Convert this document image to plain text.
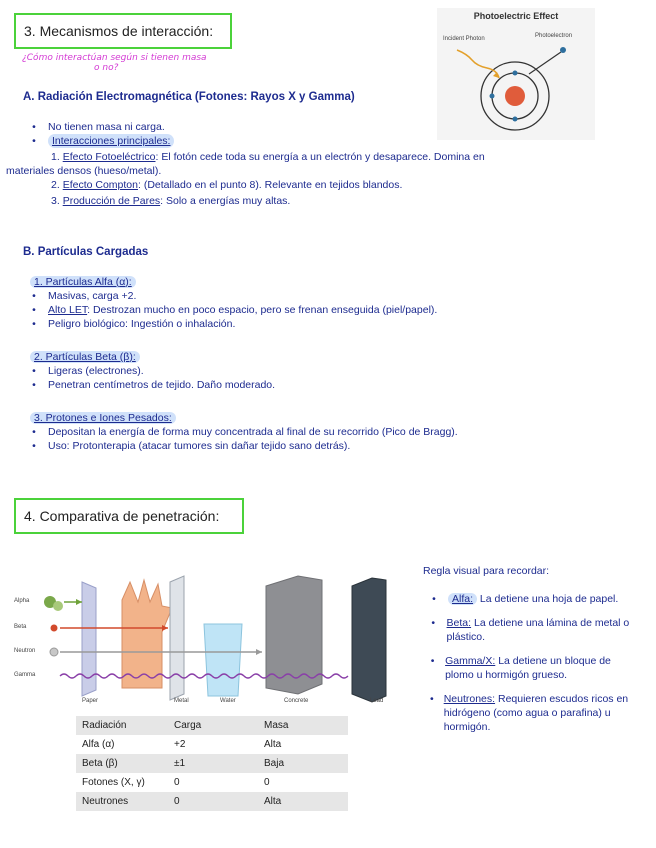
3. Mecanismos de interacción:
¿Cómo interactúan según si tienen masa
o no?
Photoelectric Effect
Incident Photon	Photoelectron
A. Radiación Electromagnética (Fotones: Rayos X y Gamma)
• No tienen masa ni carga.
•	Interacciones principales:
1. Efecto Fotoeléctrico: El fotón cede toda su energía a un electrón y desaparece. Domina en
materiales densos (hueso/metal).
2. Efecto Compton: (Detallado en el punto 8). Relevante en tejidos blandos.
3. Producción de Pares: Solo a energías muy altas.
B. Partículas Cargadas
1. Partículas Alfa (α):
• Masivas, carga +2.
• Alto LET: Destrozan mucho en poco espacio, pero se frenan enseguida (piel/papel).
• Peligro biológico: Ingestión o inhalación.
2. Partículas Beta (β):
• Ligeras (electrones).
• Penetran centímetros de tejido. Daño moderado.
3. Protones e Iones Pesados:
• Depositan la energía de forma muy concentrada al final de su recorrido (Pico de Bragg).
• Uso: Protonterapia (atacar tumores sin dañar tejido sano detrás).
4. Comparativa de penetración:
Alpha
Beta
Neutron
Gamma
Paper	Metal	Water	Concrete	Lead
Radiación	Carga	Masa
Alfa (α)	+2	Alta
Beta (β)	±1	Baja
Fotones (X, γ)	0	0
Neutrones	0	Alta
Regla visual para recordar:
•	Alfa: La detiene una hoja de papel.
• Beta: La detiene una lámina de metal o plástico.
• Gamma/X: La detiene un bloque de plomo u hormigón grueso.
• Neutrones: Requieren escudos ricos en hidrógeno (como agua o parafina) u hormigón.
